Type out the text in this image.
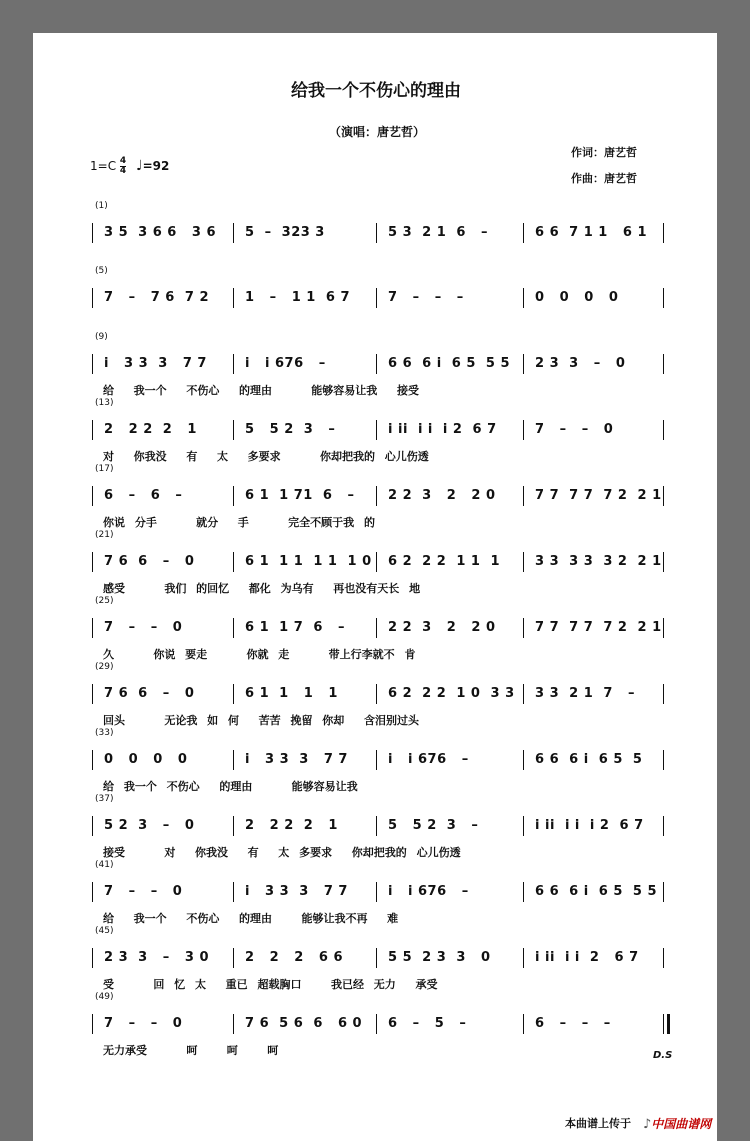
给我一个不伤心的理由
（演唱：唐艺哲）
作词：唐艺哲
作曲：唐艺哲
$1=C \frac{4}{4}$ ♩=92
(1)
3 5  3 6 6   3 6 5  –  323 3	5 3  2 1  6   –	6 6  7 1 1   6 1
(5)
7   –   7 6  7 2	1   –   1 1  6 7	7   –   –   –	0   0   0   0
(9)
i   3 3  3   7 7	i   i 676   –	6 6  6 i  6 5  5 5 2 3  3   –   0
给  我一个  不伤心  的理由    能够容易让我  接受
(13)
2   2 2  2   1	5   5 2  3   –	i ii  i i  i 2  6 7	7   –   –   0
对  你我没  有  太  多要求    你却把我的 心儿伤透
(17)
6   –   6   –	6 1  1 71  6   –	2 2  3   2   2 0	7 7  7 7  7 2  2 1
你说 分手    就分  手    完全不顾于我 的
(21)
7 6  6   –   0	6 1  1 1  1 1  1 0 6 2  2 2  1 1  1	3 3  3 3  3 2  2 1
感受    我们 的回忆  都化 为乌有  再也没有天长 地
(25)
7   –   –   0	6 1  1 7  6   –	2 2  3   2   2 0	7 7  7 7  7 2  2 1
久    你说 要走    你就 走    带上行李就不 肯
(29)
7 6  6   –   0	6 1  1   1   1	6 2  2 2  1 0  3 3 3 3  2 1  7   –
回头    无论我 如 何  苦苦 挽留 你却  含泪别过头
(33)
0   0   0   0	i   3 3  3   7 7	i   i 676   –	6 6  6 i  6 5  5
给 我一个 不伤心  的理由    能够容易让我
(37)
5 2  3   –   0	2   2 2  2   1	5   5 2  3   –	i ii  i i  i 2  6 7
接受    对  你我没  有  太 多要求  你却把我的 心儿伤透
(41)
7   –   –   0	i   3 3  3   7 7	i   i 676   –	6 6  6 i  6 5  5 5
给  我一个  不伤心  的理由   能够让我不再  难
(45)
2 3  3   –   3 0	2   2   2   6 6	5 5  2 3  3   0	i ii  i i  2   6 7
受    回 忆 太  重已 超载胸口   我已经 无力  承受
(49)
7   –   –   0	7 6  5 6  6   6 0 6   –   5   –	6   –   –   –
无力承受    呵   呵   呵	D.S
本曲谱上传于 ♪中国曲谱网
